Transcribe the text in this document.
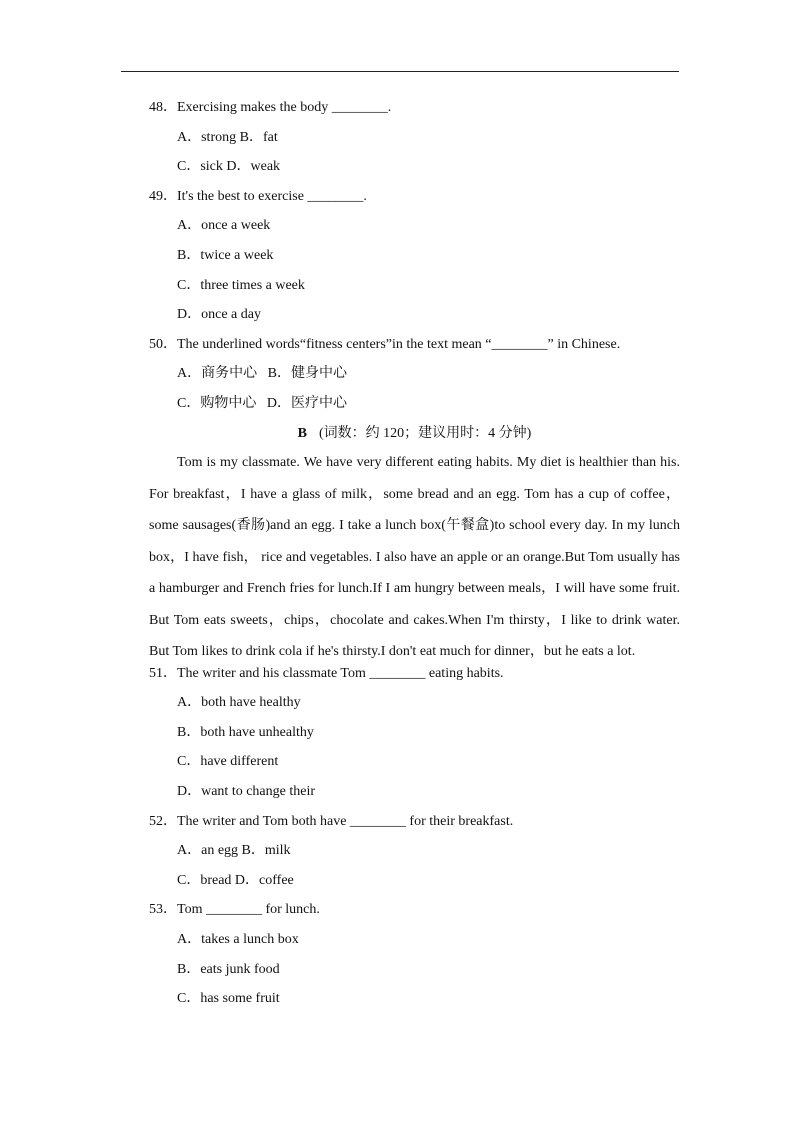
48．Exercising makes the body ________.
A．strong B．fat
C．sick D．weak
49．It's the best to exercise ________.
A．once a week
B．twice a week
C．three times a week
D．once a day
50．The underlined words“fitness centers”in the text mean “________” in Chinese.
A．商务中心   B．健身中心
C．购物中心   D．医疗中心
B (词数：约 120；建议用时：4 分钟)

Tom is my classmate. We have very different eating habits. My diet is healthier than his. For breakfast，I have a glass of milk，some bread and an egg. Tom has a cup of coffee，some sausages(香肠)and an egg. I take a lunch box(午餐盒)to school every day. In my lunch box，I have fish， rice and vegetables. I also have an apple or an orange.But Tom usually has a hamburger and French fries for lunch.If I am hungry between meals，I will have some fruit. But Tom eats sweets，chips，chocolate and cakes.When I'm thirsty，I like to drink water. But Tom likes to drink cola if he's thirsty.I don't eat much for dinner，but he eats a lot.

51．The writer and his classmate Tom ________ eating habits.
A．both have healthy
B．both have unhealthy
C．have different
D．want to change their
52．The writer and Tom both have ________ for their breakfast.
A．an egg B．milk
C．bread D．coffee
53．Tom ________ for lunch.
A．takes a lunch box
B．eats junk food
C．has some fruit
